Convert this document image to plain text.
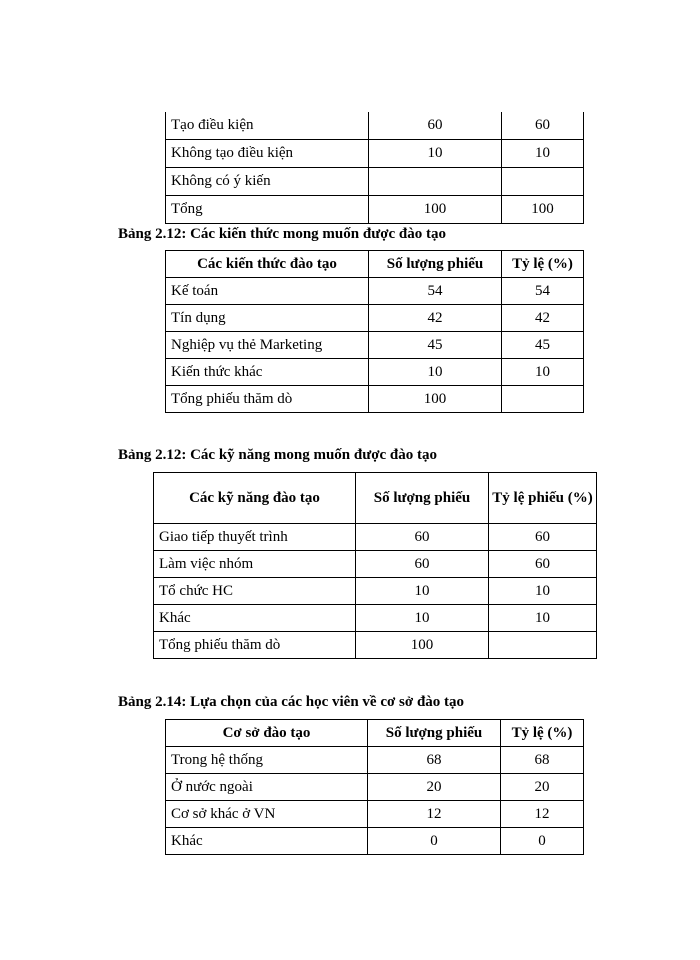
Tạo điều kiện	60	60
Không tạo điều kiện	10	10
Không có ý kiến		
Tổng	100	100
Bảng 2.12: Các kiến thức mong muốn được đào tạo
Các kiến thức đào tạo	Số lượng phiếu	Tỷ lệ (%)
Kế toán	54	54
Tín dụng	42	42
Nghiệp vụ thẻ Marketing	45	45
Kiến thức khác	10	10
Tổng phiếu thăm dò	100	
Bảng 2.12: Các kỹ năng mong muốn được đào tạo
Các kỹ năng đào tạo	Số lượng phiếu	Tỷ lệ phiếu (%)
Giao tiếp thuyết trình	60	60
Làm việc nhóm	60	60
Tổ chức HC	10	10
Khác	10	10
Tổng phiếu thăm dò	100	
Bảng 2.14: Lựa chọn của các học viên về cơ sở đào tạo
Cơ sở đào tạo	Số lượng phiếu	Tỷ lệ (%)
Trong hệ thống	68	68
Ở nước ngoài	20	20
Cơ sở khác ở VN	12	12
Khác	0	0
